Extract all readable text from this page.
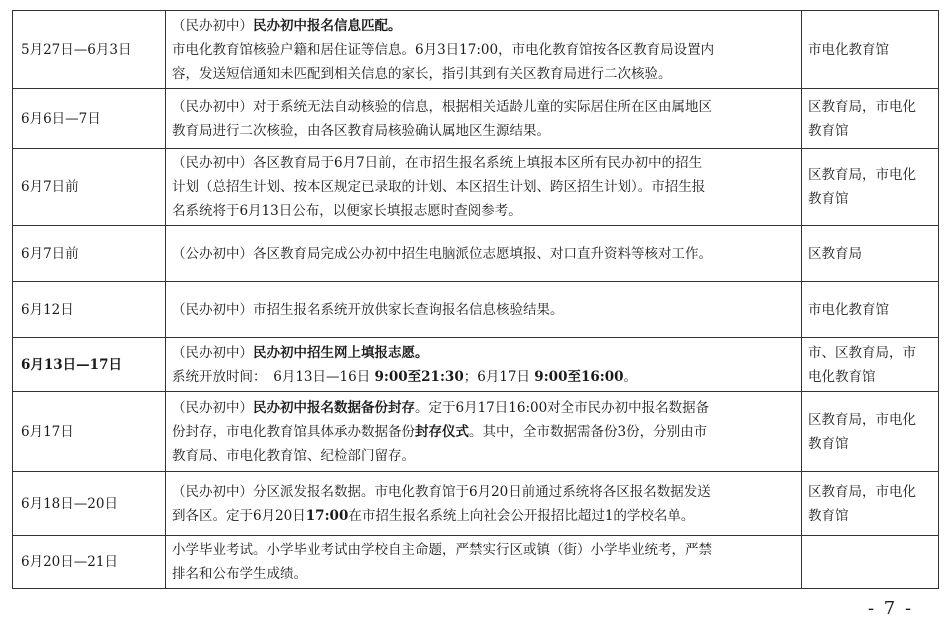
5月27日—6月3日	（民办初中）民办初中报名信息匹配。
市电化教育馆核验户籍和居住证等信息。6月3日17:00，市电化教育馆按各区教育局设置内
容，发送短信通知未匹配到相关信息的家长，指引其到有关区教育局进行二次核验。	市电化教育馆

6月6日—7日	（民办初中）对于系统无法自动核验的信息，根据相关适龄儿童的实际居住所在区由属地区
教育局进行二次核验，由各区教育局核验确认属地区生源结果。	区教育局，市电化
教育馆

6月7日前	（民办初中）各区教育局于6月7日前，在市招生报名系统上填报本区所有民办初中的招生
计划（总招生计划、按本区规定已录取的计划、本区招生计划、跨区招生计划）。市招生报
名系统将于6月13日公布，以便家长填报志愿时查阅参考。	区教育局，市电化
教育馆

6月7日前	（公办初中）各区教育局完成公办初中招生电脑派位志愿填报、对口直升资料等核对工作。	区教育局

6月12日	（民办初中）市招生报名系统开放供家长查询报名信息核验结果。	市电化教育馆

6月13日—17日	（民办初中）民办初中招生网上填报志愿。
系统开放时间：　6月13日—16日 9:00至21:30；6月17日 9:00至16:00。	市、区教育局，市
电化教育馆

6月17日	（民办初中）民办初中报名数据备份封存。定于6月17日16:00对全市民办初中报名数据备
份封存，市电化教育馆具体承办数据备份封存仪式。其中，全市数据需备份3份，分别由市
教育局、市电化教育馆、纪检部门留存。	区教育局，市电化
教育馆

6月18日—20日	（民办初中）分区派发报名数据。市电化教育馆于6月20日前通过系统将各区报名数据发送
到各区。定于6月20日17:00在市招生报名系统上向社会公开报招比超过1的学校名单。	区教育局，市电化
教育馆

6月20日—21日	小学毕业考试。小学毕业考试由学校自主命题，严禁实行区或镇（街）小学毕业统考，严禁
排名和公布学生成绩。	

- 7 -
